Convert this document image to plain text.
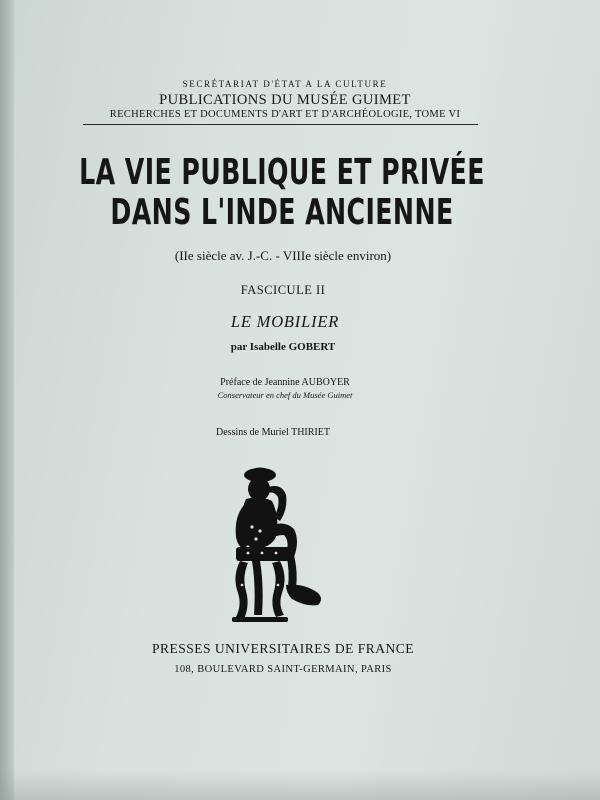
SECRÉTARIAT D'ÉTAT A LA CULTURE
PUBLICATIONS DU MUSÉE GUIMET
RECHERCHES ET DOCUMENTS D'ART ET D'ARCHÉOLOGIE, TOME VI
LA VIE PUBLIQUE ET PRIVÉE
DANS L'INDE ANCIENNE
(IIe siècle av. J.-C. - VIIIe siècle environ)
FASCICULE II
LE MOBILIER
par Isabelle GOBERT
Préface de Jeannine AUBOYER
Conservateur en chef du Musée Guimet
Dessins de Muriel THIRIET
PRESSES UNIVERSITAIRES DE FRANCE
108, BOULEVARD SAINT-GERMAIN, PARIS
